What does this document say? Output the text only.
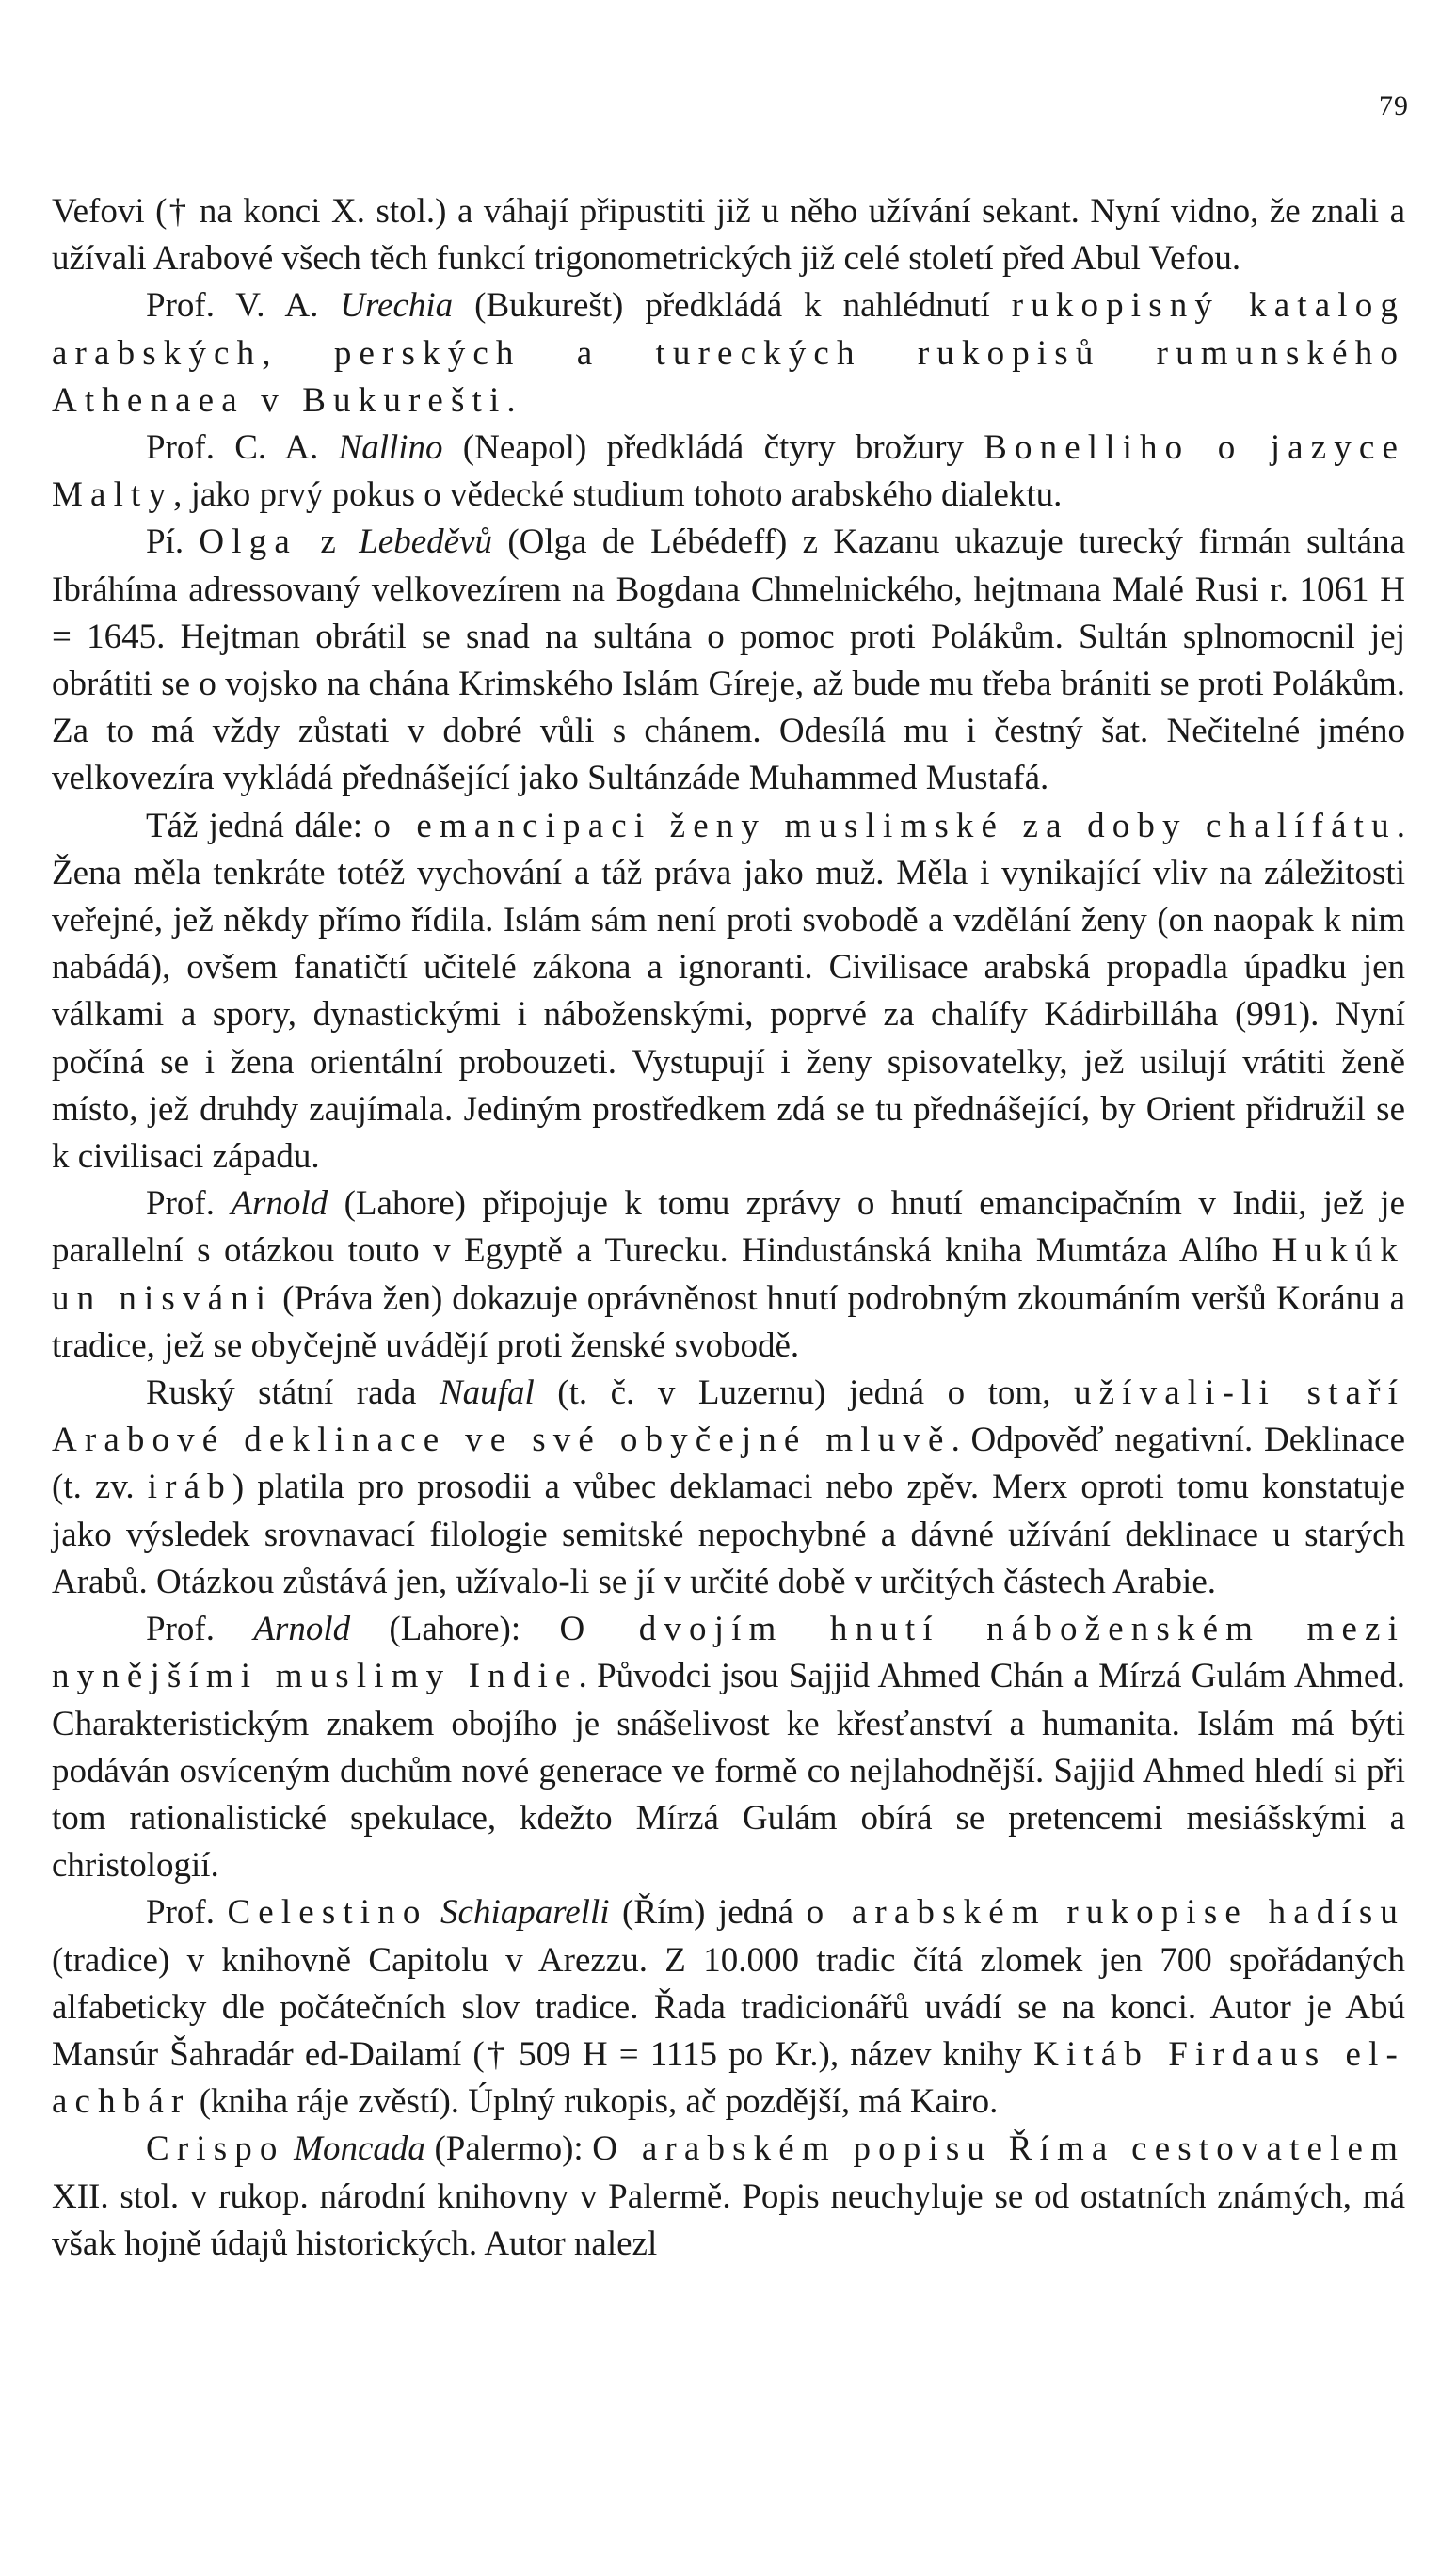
79

Vefovi († na konci X. stol.) a váhají připustiti již u něho užívání sekant. Nyní vidno, že znali a užívali Arabové všech těch funkcí trigonometrických již celé století před Abul Vefou.

Prof. V. A. Urechia (Bukurešt) předkládá k nahlédnutí rukopisný katalog arabských, perských a tureckých rukopisů rumunského Athenaea v Bukurešti.

Prof. C. A. Nallino (Neapol) předkládá čtyry brožury Bonelliho o jazyce Malty, jako prvý pokus o vědecké studium tohoto arabského dialektu.

Pí. Olga z Lebeděvů (Olga de Lébédeff) z Kazanu ukazuje turecký firmán sultána Ibráhíma adressovaný velkovezírem na Bogdana Chmelnického, hejtmana Malé Rusi r. 1061 H = 1645. Hejtman obrátil se snad na sultána o pomoc proti Polákům. Sultán splnomocnil jej obrátiti se o vojsko na chána Krimského Islám Gíreje, až bude mu třeba brániti se proti Polákům. Za to má vždy zůstati v dobré vůli s chánem. Odesílá mu i čestný šat. Nečitelné jméno velkovezíra vykládá přednášející jako Sultánzáde Muhammed Mustafá.

Táž jedná dále: o emancipaci ženy muslimské za doby chalífátu. Žena měla tenkráte totéž vychování a táž práva jako muž. Měla i vynikající vliv na záležitosti veřejné, jež někdy přímo řídila. Islám sám není proti svobodě a vzdělání ženy (on naopak k nim nabádá), ovšem fanatičtí učitelé zákona a ignoranti. Civilisace arabská propadla úpadku jen válkami a spory, dynastickými i náboženskými, poprvé za chalífy Kádirbilláha (991). Nyní počíná se i žena orientální probouzeti. Vystupují i ženy spisovatelky, jež usilují vrátiti ženě místo, jež druhdy zaujímala. Jediným prostředkem zdá se tu přednášející, by Orient přidružil se k civilisaci západu.

Prof. Arnold (Lahore) připojuje k tomu zprávy o hnutí emancipačním v Indii, jež je parallelní s otázkou touto v Egyptě a Turecku. Hindustánská kniha Mumtáza Alího Hukúk un nisváni (Práva žen) dokazuje oprávněnost hnutí podrobným zkoumáním veršů Koránu a tradice, jež se obyčejně uvádějí proti ženské svobodě.

Ruský státní rada Naufal (t. č. v Luzernu) jedná o tom, užívali-li staří Arabové deklinace ve své obyčejné mluvě. Odpověď negativní. Deklinace (t. zv. iráb) platila pro prosodii a vůbec deklamaci nebo zpěv. Merx oproti tomu konstatuje jako výsledek srovnavací filologie semitské nepochybné a dávné užívání deklinace u starých Arabů. Otázkou zůstává jen, užívalo-li se jí v určité době v určitých částech Arabie.

Prof. Arnold (Lahore): O dvojím hnutí náboženském mezi nynějšími muslimy Indie. Původci jsou Sajjid Ahmed Chán a Mírzá Gulám Ahmed. Charakteristickým znakem obojího je snášelivost ke křesťanství a humanita. Islám má býti podáván osvíceným duchům nové generace ve formě co nejlahodnější. Sajjid Ahmed hledí si při tom rationalistické spekulace, kdežto Mírzá Gulám obírá se pretencemi mesiášskými a christologií.

Prof. Celestino Schiaparelli (Řím) jedná o arabském rukopise hadísu (tradice) v knihovně Capitolu v Arezzu. Z 10.000 tradic čítá zlomek jen 700 spořádaných alfabeticky dle počátečních slov tradice. Řada tradicionářů uvádí se na konci. Autor je Abú Mansúr Šahradár ed-Dailamí († 509 H = 1115 po Kr.), název knihy Kitáb Firdaus el-achbár (kniha ráje zvěstí). Úplný rukopis, ač pozdější, má Kairo.

Crispo Moncada (Palermo): O arabském popisu Říma cestovatelem XII. stol. v rukop. národní knihovny v Palermě. Popis neuchyluje se od ostatních známých, má však hojně údajů historických. Autor nalezl
